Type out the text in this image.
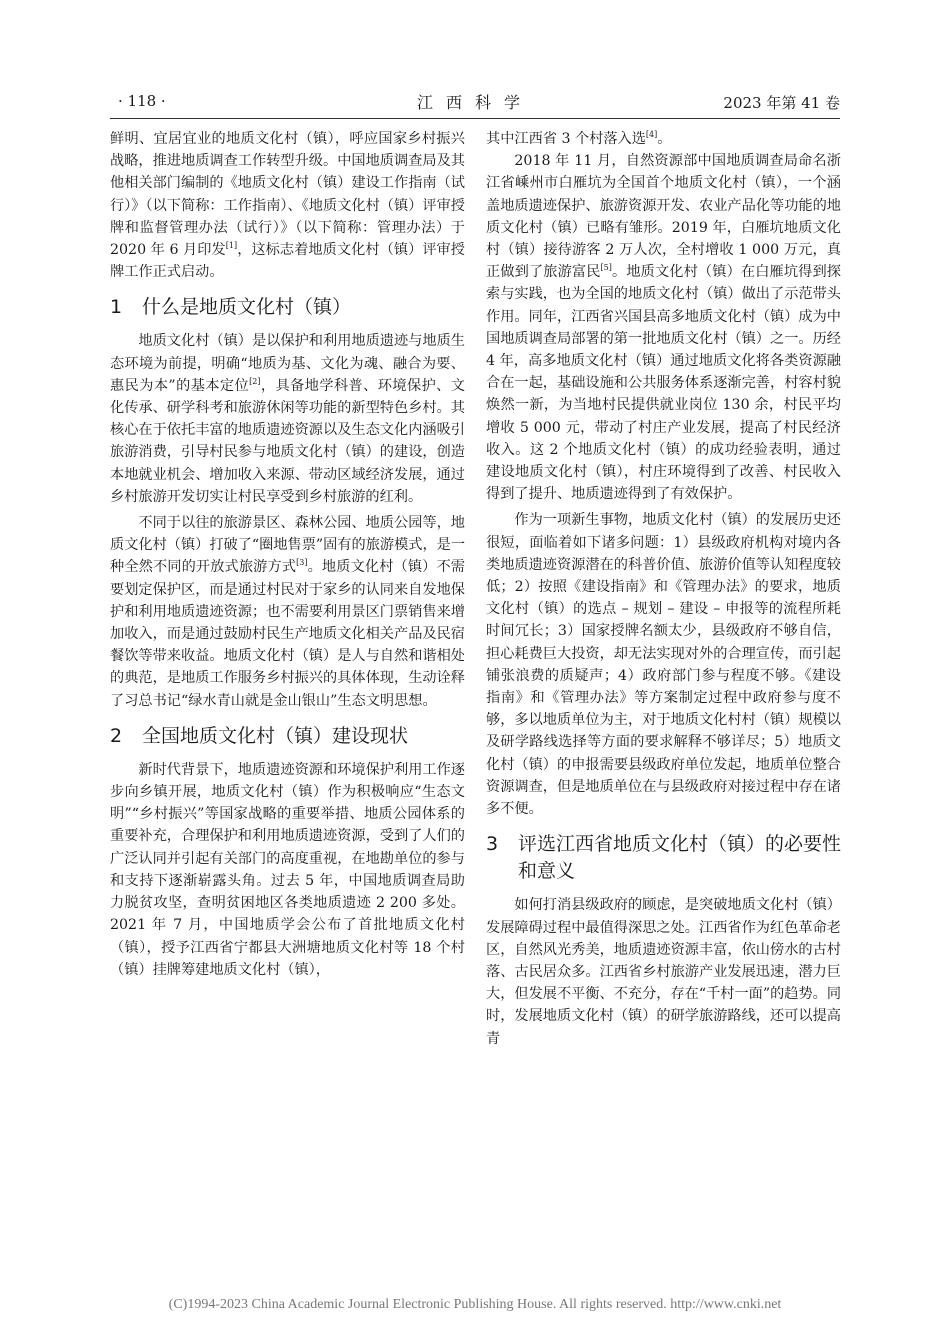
· 118 ·	江西科学	2023 年第 41 卷

鲜明、宜居宜业的地质文化村（镇），呼应国家乡村振兴战略，推进地质调查工作转型升级。中国地质调查局及其他相关部门编制的《地质文化村（镇）建设工作指南（试行）》（以下简称：工作指南）、《地质文化村（镇）评审授牌和监督管理办法（试行）》（以下简称：管理办法）于 2020 年 6 月印发[1]，这标志着地质文化村（镇）评审授牌工作正式启动。

1	什么是地质文化村（镇）

地质文化村（镇）是以保护和利用地质遗迹与地质生态环境为前提，明确“地质为基、文化为魂、融合为要、惠民为本”的基本定位[2]，具备地学科普、环境保护、文化传承、研学科考和旅游休闲等功能的新型特色乡村。其核心在于依托丰富的地质遗迹资源以及生态文化内涵吸引旅游消费，引导村民参与地质文化村（镇）的建设，创造本地就业机会、增加收入来源、带动区域经济发展，通过乡村旅游开发切实让村民享受到乡村旅游的红利。

不同于以往的旅游景区、森林公园、地质公园等，地质文化村（镇）打破了“圈地售票”固有的旅游模式，是一种全然不同的开放式旅游方式[3]。地质文化村（镇）不需要划定保护区，而是通过村民对于家乡的认同来自发地保护和利用地质遗迹资源；也不需要利用景区门票销售来增加收入，而是通过鼓励村民生产地质文化相关产品及民宿餐饮等带来收益。地质文化村（镇）是人与自然和谐相处的典范，是地质工作服务乡村振兴的具体体现，生动诠释了习总书记“绿水青山就是金山银山”生态文明思想。

2	全国地质文化村（镇）建设现状

新时代背景下，地质遗迹资源和环境保护利用工作逐步向乡镇开展，地质文化村（镇）作为积极响应“生态文明”“乡村振兴”等国家战略的重要举措、地质公园体系的重要补充，合理保护和利用地质遗迹资源，受到了人们的广泛认同并引起有关部门的高度重视，在地勘单位的参与和支持下逐渐崭露头角。过去 5 年，中国地质调查局助力脱贫攻坚，查明贫困地区各类地质遗迹 2 200 多处。2021 年 7 月，中国地质学会公布了首批地质文化村（镇），授予江西省宁都县大洲塘地质文化村等 18 个村（镇）挂牌筹建地质文化村（镇），

其中江西省 3 个村落入选[4]。

2018 年 11 月，自然资源部中国地质调查局命名浙江省嵊州市白雁坑为全国首个地质文化村（镇），一个涵盖地质遗迹保护、旅游资源开发、农业产品化等功能的地质文化村（镇）已略有雏形。2019 年，白雁坑地质文化村（镇）接待游客 2 万人次，全村增收 1 000 万元，真正做到了旅游富民[5]。地质文化村（镇）在白雁坑得到探索与实践，也为全国的地质文化村（镇）做出了示范带头作用。同年，江西省兴国县高多地质文化村（镇）成为中国地质调查局部署的第一批地质文化村（镇）之一。历经 4 年，高多地质文化村（镇）通过地质文化将各类资源融合在一起，基础设施和公共服务体系逐渐完善，村容村貌焕然一新，为当地村民提供就业岗位 130 余，村民平均增收 5 000 元，带动了村庄产业发展，提高了村民经济收入。这 2 个地质文化村（镇）的成功经验表明，通过建设地质文化村（镇），村庄环境得到了改善、村民收入得到了提升、地质遗迹得到了有效保护。

作为一项新生事物，地质文化村（镇）的发展历史还很短，面临着如下诸多问题：1）县级政府机构对境内各类地质遗迹资源潜在的科普价值、旅游价值等认知程度较低；2）按照《建设指南》和《管理办法》的要求，地质文化村（镇）的选点 – 规划 – 建设 – 申报等的流程所耗时间冗长；3）国家授牌名额太少，县级政府不够自信，担心耗费巨大投资，却无法实现对外的合理宣传，而引起铺张浪费的质疑声；4）政府部门参与程度不够。《建设指南》和《管理办法》等方案制定过程中政府参与度不够，多以地质单位为主，对于地质文化村村（镇）规模以及研学路线选择等方面的要求解释不够详尽；5）地质文化村（镇）的申报需要县级政府单位发起，地质单位整合资源调查，但是地质单位在与县级政府对接过程中存在诸多不便。

3	评选江西省地质文化村（镇）的必要性和意义

如何打消县级政府的顾虑，是突破地质文化村（镇）发展障碍过程中最值得深思之处。江西省作为红色革命老区，自然风光秀美，地质遗迹资源丰富，依山傍水的古村落、古民居众多。江西省乡村旅游产业发展迅速，潜力巨大，但发展不平衡、不充分，存在“千村一面”的趋势。同时，发展地质文化村（镇）的研学旅游路线，还可以提高青

(C)1994-2023 China Academic Journal Electronic Publishing House. All rights reserved. http://www.cnki.net
